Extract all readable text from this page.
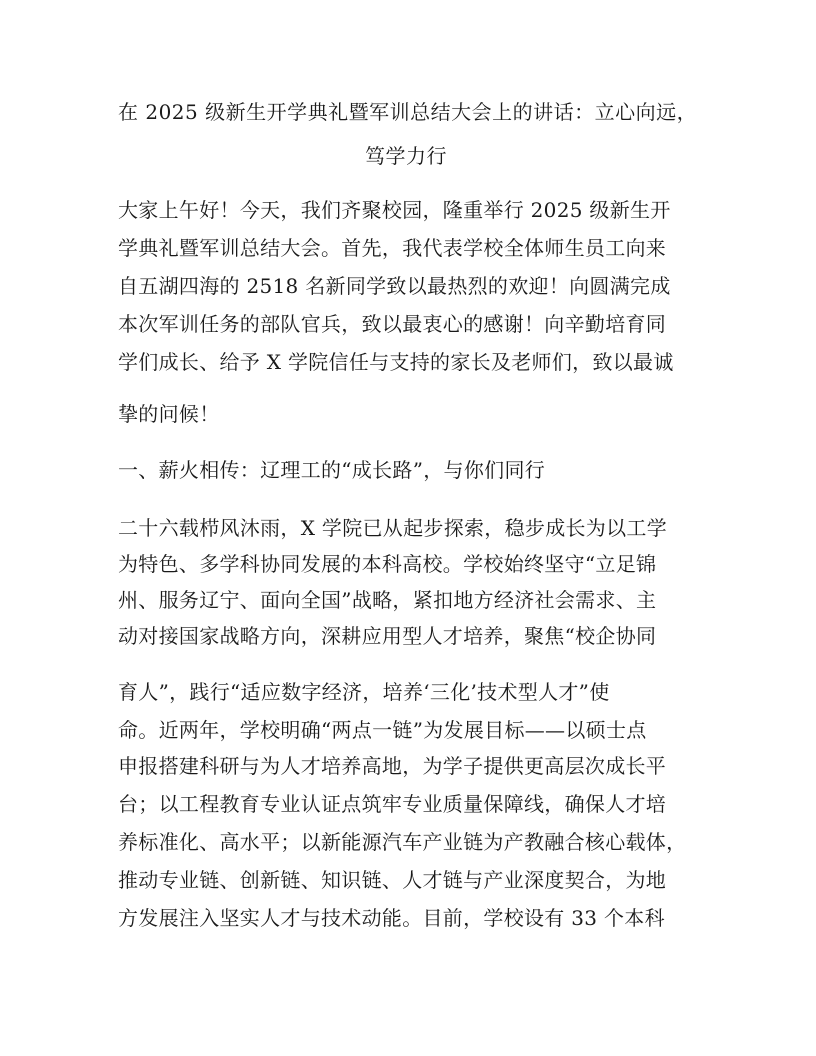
在 2025 级新生开学典礼暨军训总结大会上的讲话：立心向远，
笃学力行
大家上午好！今天，我们齐聚校园，隆重举行 2025 级新生开
学典礼暨军训总结大会。首先，我代表学校全体师生员工向来
自五湖四海的 2518 名新同学致以最热烈的欢迎！向圆满完成
本次军训任务的部队官兵，致以最衷心的感谢！向辛勤培育同
学们成长、给予 X 学院信任与支持的家长及老师们，致以最诚
挚的问候！
一、薪火相传：辽理工的“成长路”，与你们同行
二十六载栉风沐雨，X 学院已从起步探索，稳步成长为以工学
为特色、多学科协同发展的本科高校。学校始终坚守“立足锦
州、服务辽宁、面向全国”战略，紧扣地方经济社会需求、主
动对接国家战略方向，深耕应用型人才培养，聚焦“校企协同
育人”，践行“适应数字经济，培养‘三化’技术型人才”使
命。近两年，学校明确“两点一链”为发展目标——以硕士点
申报搭建科研与为人才培养高地，为学子提供更高层次成长平
台；以工程教育专业认证点筑牢专业质量保障线，确保人才培
养标准化、高水平；以新能源汽车产业链为产教融合核心载体，
推动专业链、创新链、知识链、人才链与产业深度契合，为地
方发展注入坚实人才与技术动能。目前，学校设有 33 个本科
